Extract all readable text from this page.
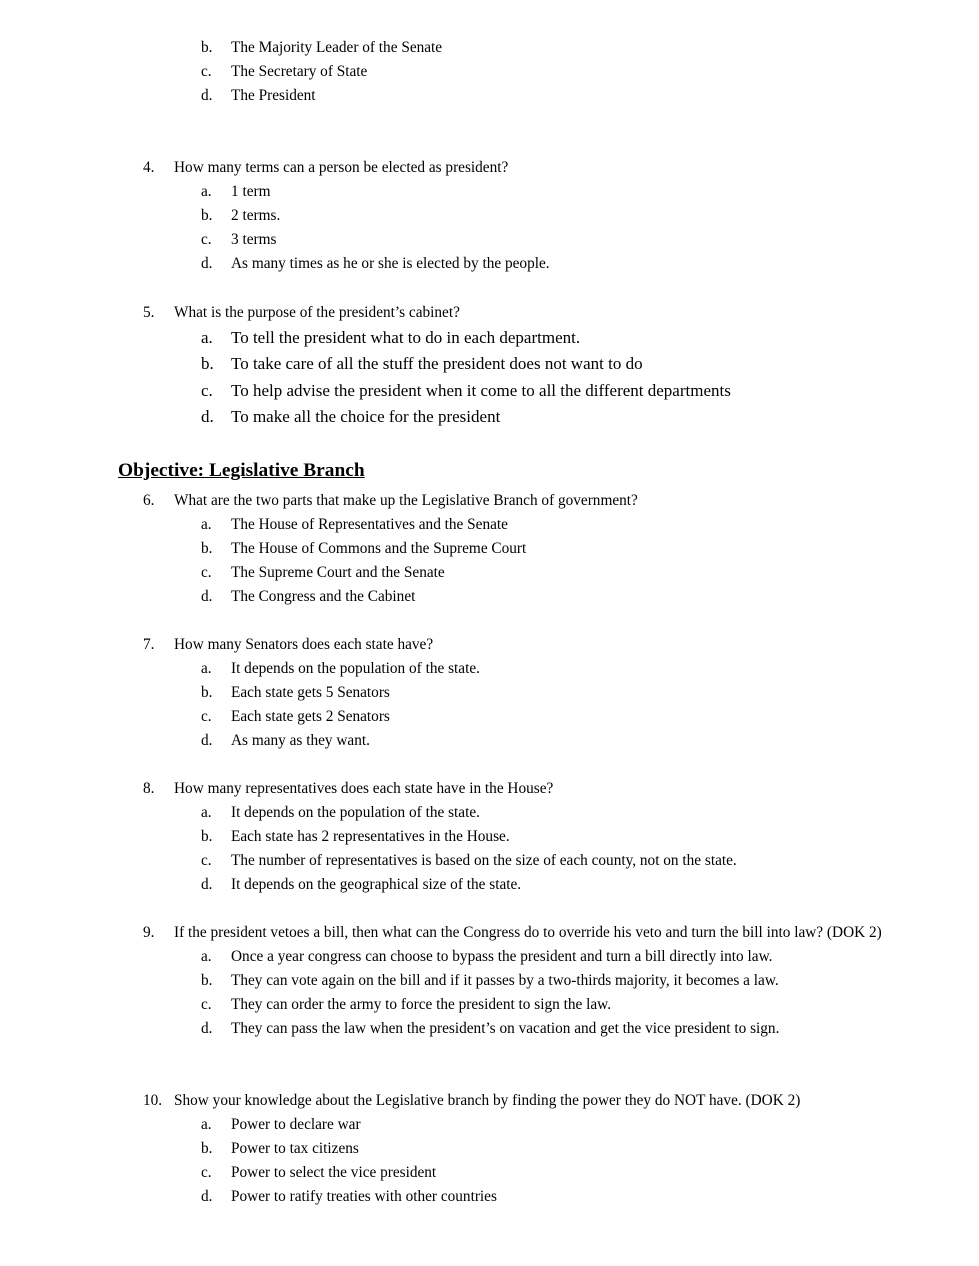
b. The Majority Leader of the Senate
c. The Secretary of State
d. The President
4. How many terms can a person be elected as president?
a. 1 term
b. 2 terms.
c. 3 terms
d. As many times as he or she is elected by the people.
5. What is the purpose of the president’s cabinet?
a. To tell the president what to do in each department.
b. To take care of all the stuff the president does not want to do
c. To help advise the president when it come to all the different departments
d. To make all the choice for the president
Objective: Legislative Branch
6. What are the two parts that make up the Legislative Branch of government?
a. The House of Representatives and the Senate
b. The House of Commons and the Supreme Court
c. The Supreme Court and the Senate
d. The Congress and the Cabinet
7. How many Senators does each state have?
a. It depends on the population of the state.
b. Each state gets 5 Senators
c. Each state gets 2 Senators
d. As many as they want.
8. How many representatives does each state have in the House?
a. It depends on the population of the state.
b. Each state has 2 representatives in the House.
c. The number of representatives is based on the size of each county, not on the state.
d. It depends on the geographical size of the state.
9. If the president vetoes a bill, then what can the Congress do to override his veto and turn the bill into law? (DOK 2)
a. Once a year congress can choose to bypass the president and turn a bill directly into law.
b. They can vote again on the bill and if it passes by a two-thirds majority, it becomes a law.
c. They can order the army to force the president to sign the law.
d. They can pass the law when the president’s on vacation and get the vice president to sign.
10. Show your knowledge about the Legislative branch by finding the power they do NOT have. (DOK 2)
a. Power to declare war
b. Power to tax citizens
c. Power to select the vice president
d. Power to ratify treaties with other countries
